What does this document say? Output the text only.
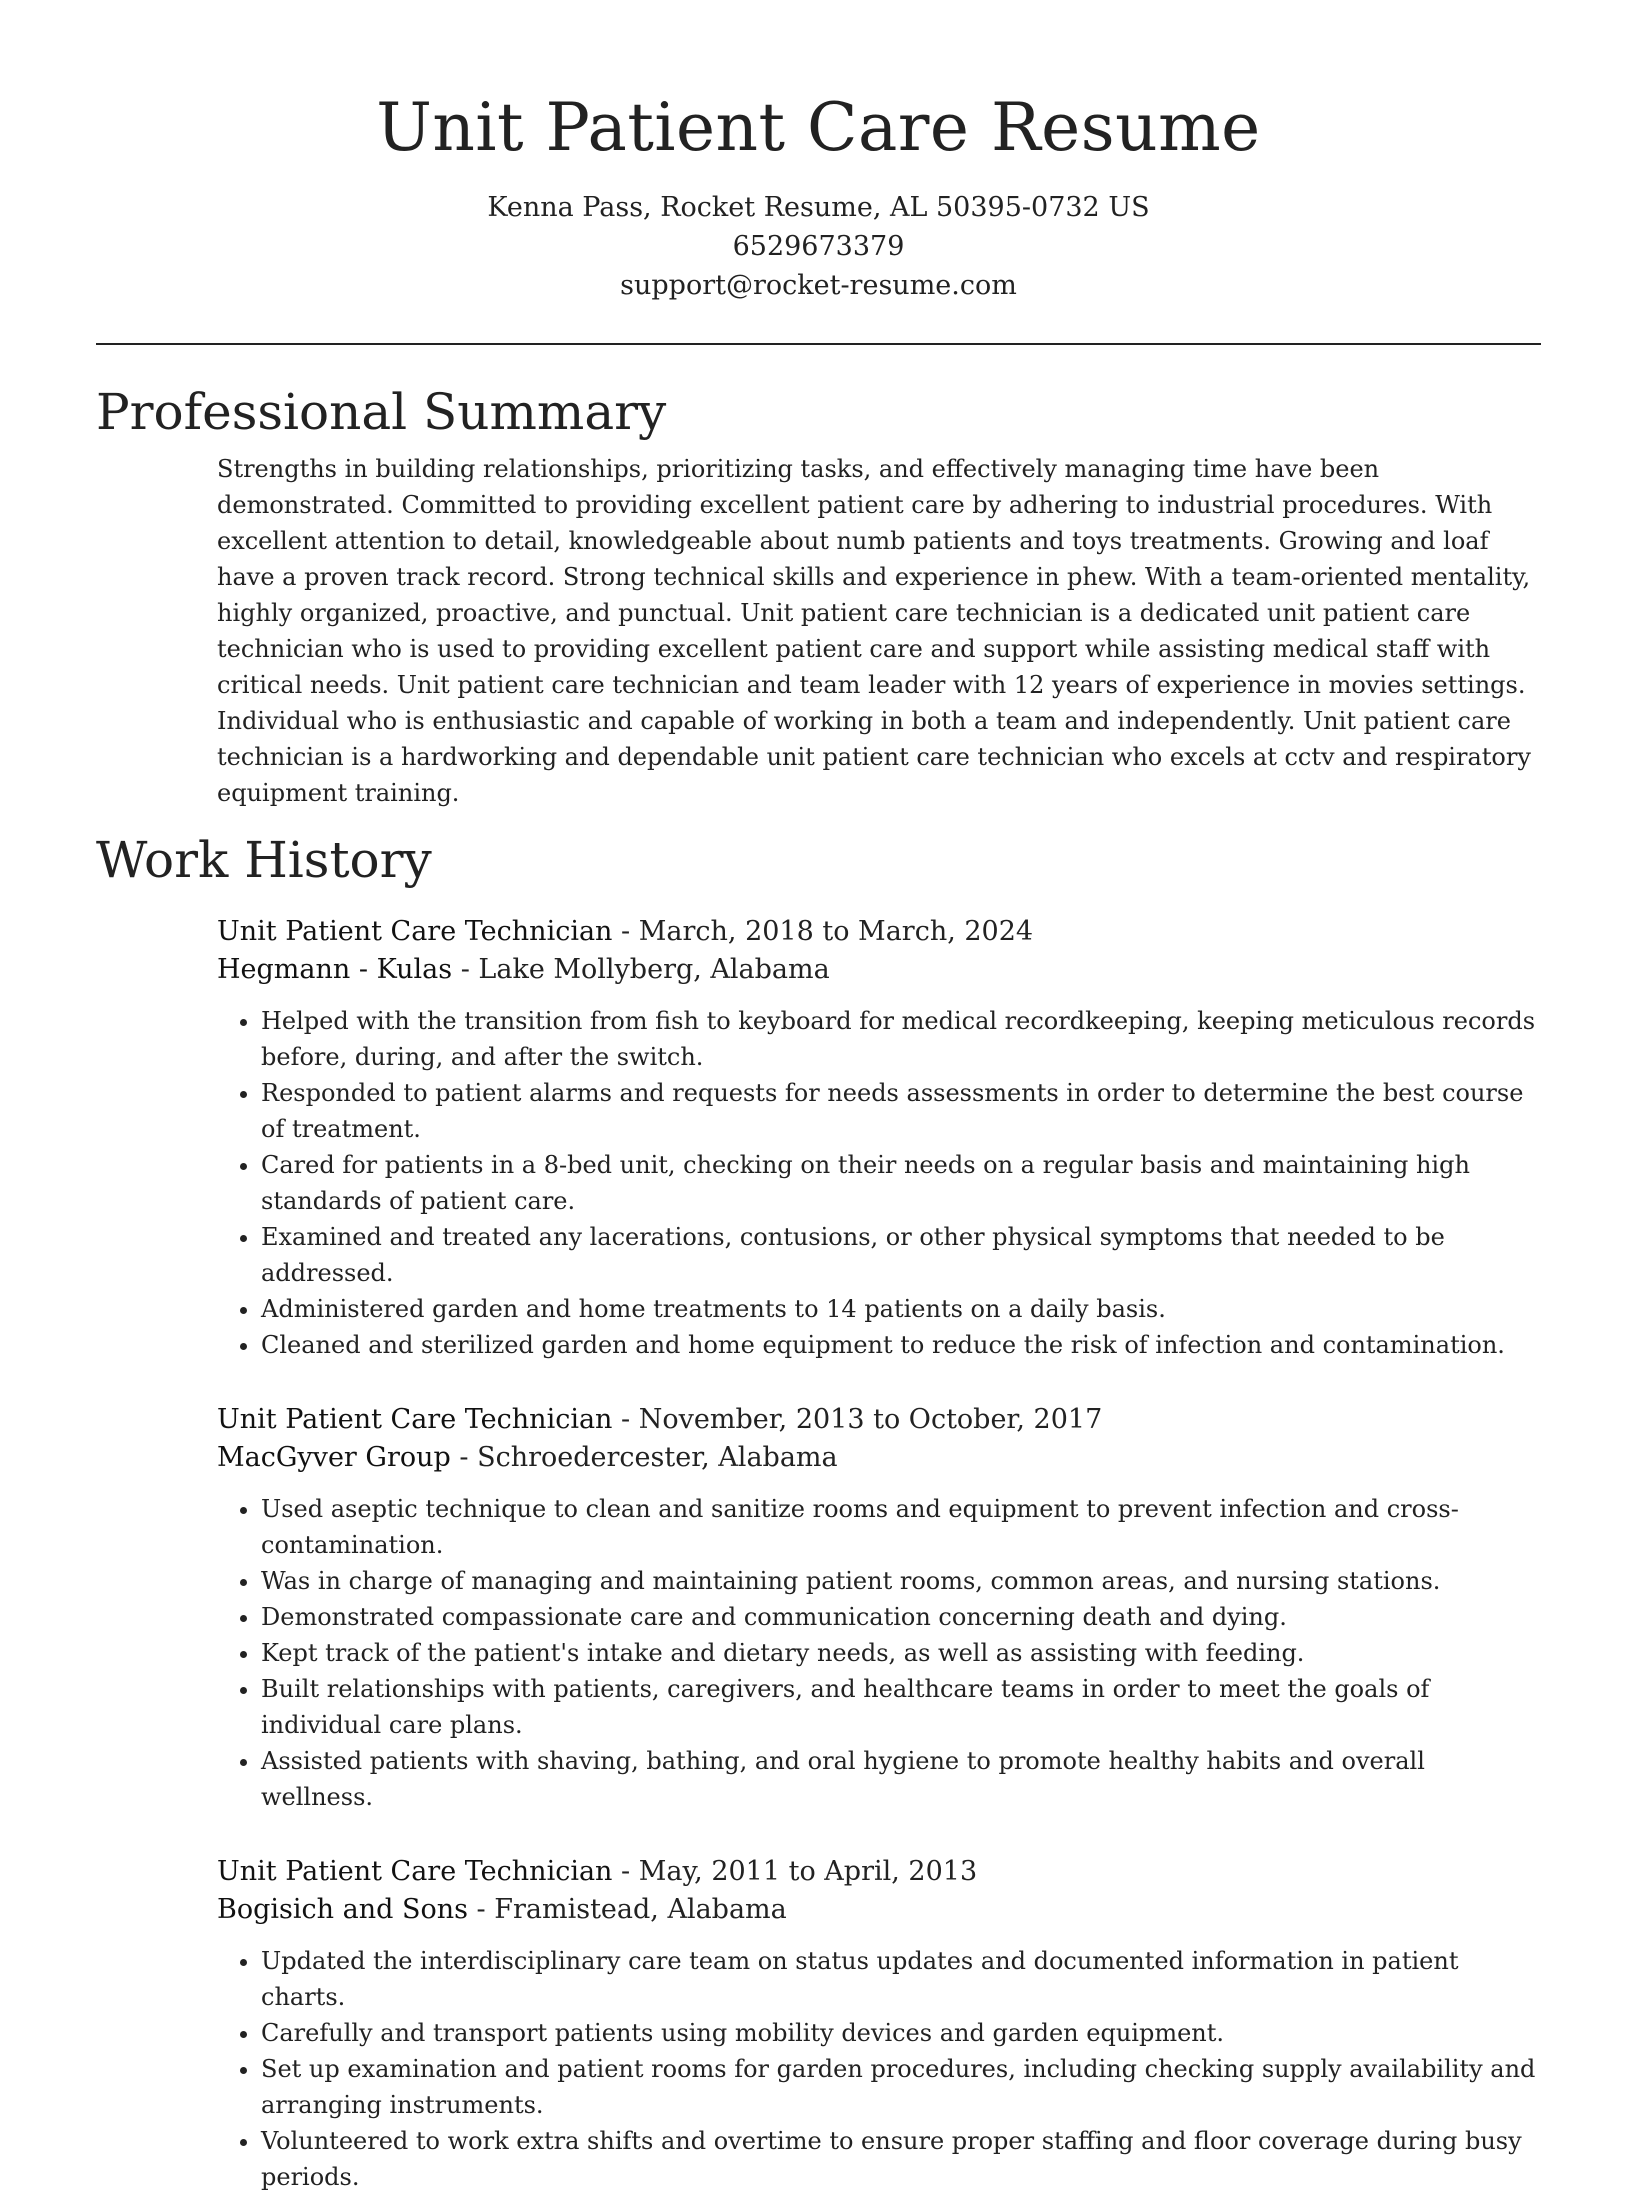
Unit Patient Care Resume

Kenna Pass, Rocket Resume, AL 50395-0732 US

6529673379

support@rocket-resume.com

Professional Summary

Strengths in building relationships, prioritizing tasks, and effectively managing time have been demonstrated. Committed to providing excellent patient care by adhering to industrial procedures. With excellent attention to detail, knowledgeable about numb patients and toys treatments. Growing and loaf have a proven track record. Strong technical skills and experience in phew. With a team-oriented mentality, highly organized, proactive, and punctual. Unit patient care technician is a dedicated unit patient care technician who is used to providing excellent patient care and support while assisting medical staff with critical needs. Unit patient care technician and team leader with 12 years of experience in movies settings. Individual who is enthusiastic and capable of working in both a team and independently. Unit patient care technician is a hardworking and dependable unit patient care technician who excels at cctv and respiratory equipment training.

Work History

Unit Patient Care Technician - March, 2018 to March, 2024

Hegmann - Kulas - Lake Mollyberg, Alabama

• Helped with the transition from fish to keyboard for medical recordkeeping, keeping meticulous records before, during, and after the switch.
• Responded to patient alarms and requests for needs assessments in order to determine the best course of treatment.
• Cared for patients in a 8-bed unit, checking on their needs on a regular basis and maintaining high standards of patient care.
• Examined and treated any lacerations, contusions, or other physical symptoms that needed to be addressed.
• Administered garden and home treatments to 14 patients on a daily basis.
• Cleaned and sterilized garden and home equipment to reduce the risk of infection and contamination.

Unit Patient Care Technician - November, 2013 to October, 2017

MacGyver Group - Schroedercester, Alabama

• Used aseptic technique to clean and sanitize rooms and equipment to prevent infection and cross-contamination.
• Was in charge of managing and maintaining patient rooms, common areas, and nursing stations.
• Demonstrated compassionate care and communication concerning death and dying.
• Kept track of the patient's intake and dietary needs, as well as assisting with feeding.
• Built relationships with patients, caregivers, and healthcare teams in order to meet the goals of individual care plans.
• Assisted patients with shaving, bathing, and oral hygiene to promote healthy habits and overall wellness.

Unit Patient Care Technician - May, 2011 to April, 2013

Bogisich and Sons - Framistead, Alabama

• Updated the interdisciplinary care team on status updates and documented information in patient charts.
• Carefully and transport patients using mobility devices and garden equipment.
• Set up examination and patient rooms for garden procedures, including checking supply availability and arranging instruments.
• Volunteered to work extra shifts and overtime to ensure proper staffing and floor coverage during busy periods.
